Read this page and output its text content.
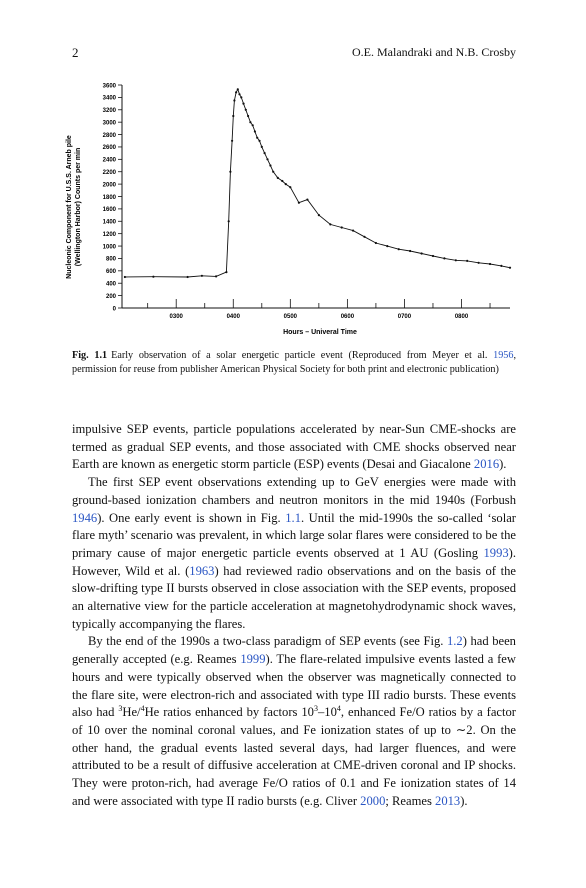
2	O.E. Malandraki and N.B. Crosby
0
200
400
600
800
1000
1200
1400
1600
1800
2000
2200
2400
2600
2800
3000
3200
3400
3600
0300	0400	0500	0600	0700	0800
Nucleonic Component for U.S.S. Arneb pile (Wellington Harbor) Counts per min
Hours – Univeral Time
Fig. 1.1 Early observation of a solar energetic particle event (Reproduced from Meyer et al. 1956, permission for reuse from publisher American Physical Society for both print and electronic publication)

impulsive SEP events, particle populations accelerated by near-Sun CME-shocks are termed as gradual SEP events, and those associated with CME shocks observed near Earth are known as energetic storm particle (ESP) events (Desai and Giacalone 2016).

The first SEP event observations extending up to GeV energies were made with ground-based ionization chambers and neutron monitors in the mid 1940s (Forbush 1946). One early event is shown in Fig. 1.1. Until the mid-1990s the so-called ‘solar flare myth’ scenario was prevalent, in which large solar flares were considered to be the primary cause of major energetic particle events observed at 1 AU (Gosling 1993). However, Wild et al. (1963) had reviewed radio observations and on the basis of the slow-drifting type II bursts observed in close association with the SEP events, proposed an alternative view for the particle acceleration at magnetohydrodynamic shock waves, typically accompanying the flares.

By the end of the 1990s a two-class paradigm of SEP events (see Fig. 1.2) had been generally accepted (e.g. Reames 1999). The flare-related impulsive events lasted a few hours and were typically observed when the observer was magnetically connected to the flare site, were electron-rich and associated with type III radio bursts. These events also had $^3$He/$^4$He ratios enhanced by factors $10^3-10^4$, enhanced Fe/O ratios by a factor of 10 over the nominal coronal values, and Fe ionization states of up to ∼2. On the other hand, the gradual events lasted several days, had larger fluences, and were attributed to be a result of diffusive acceleration at CME-driven coronal and IP shocks. They were proton-rich, had average Fe/O ratios of 0.1 and Fe ionization states of 14 and were associated with type II radio bursts (e.g. Cliver 2000; Reames 2013).
